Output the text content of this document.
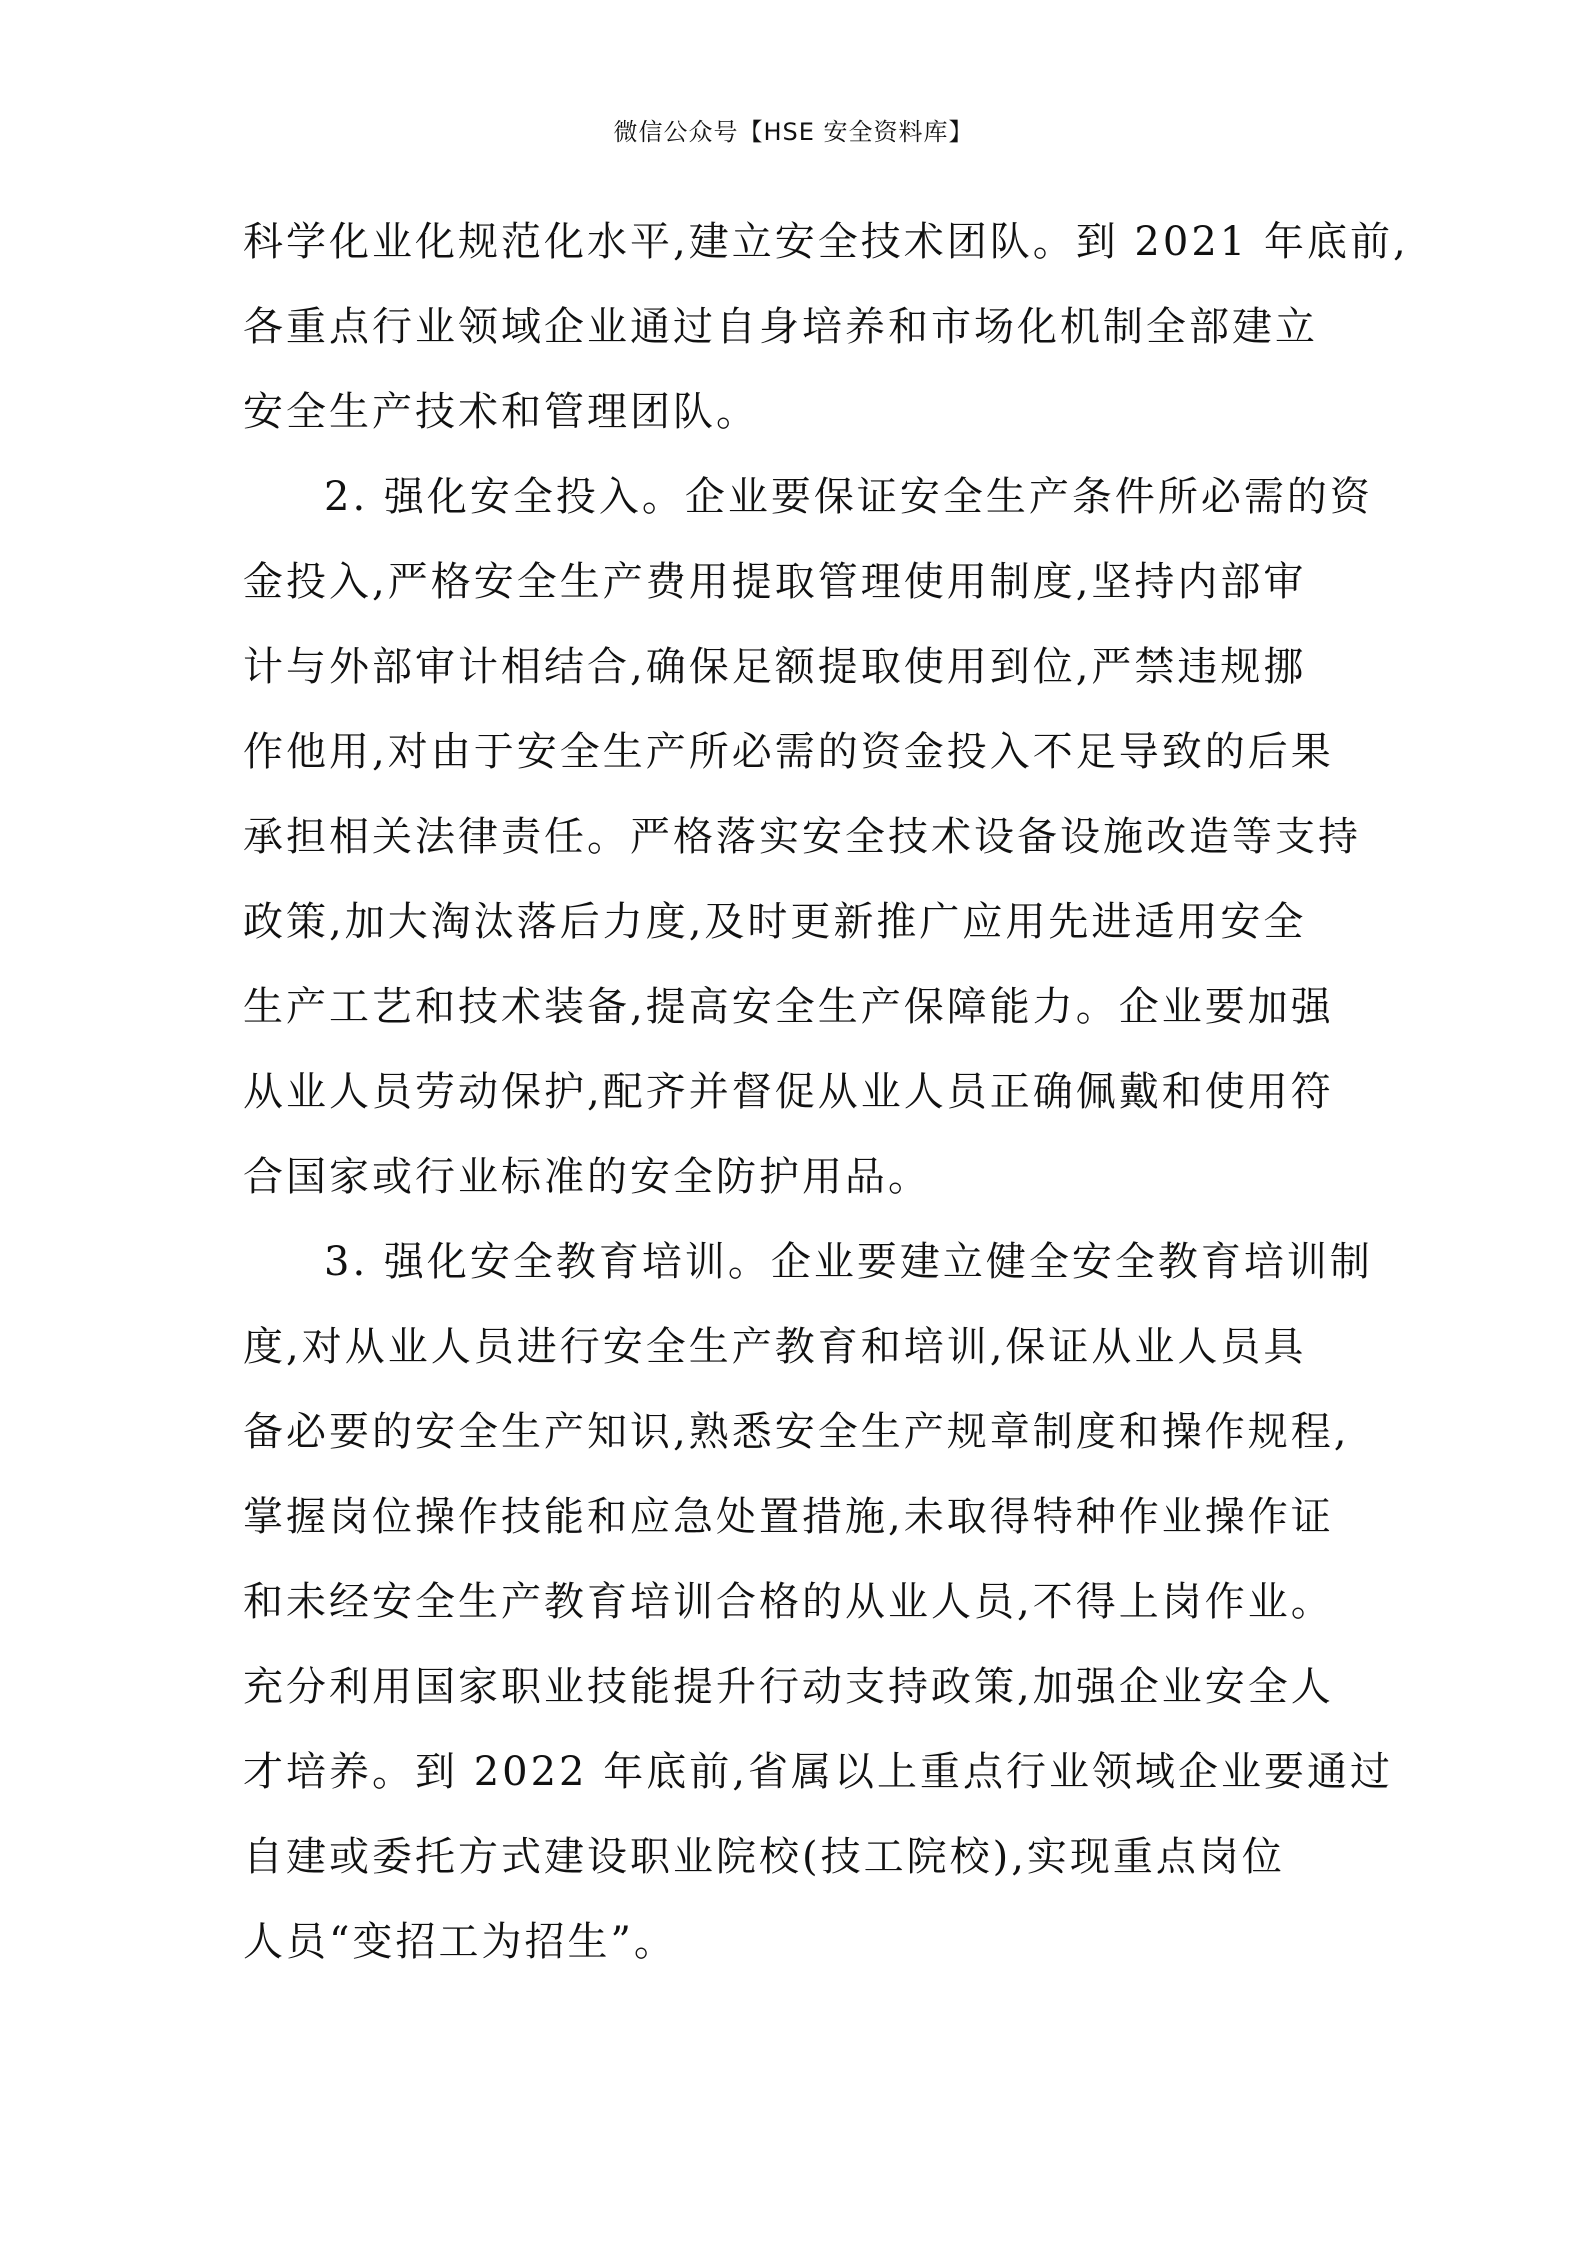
微信公众号【HSE 安全资料库】
科学化业化规范化水平,建立安全技术团队。到 2021 年底前,
各重点行业领域企业通过自身培养和市场化机制全部建立
安全生产技术和管理团队。
2. 强化安全投入。企业要保证安全生产条件所必需的资
金投入,严格安全生产费用提取管理使用制度,坚持内部审
计与外部审计相结合,确保足额提取使用到位,严禁违规挪
作他用,对由于安全生产所必需的资金投入不足导致的后果
承担相关法律责任。严格落实安全技术设备设施改造等支持
政策,加大淘汰落后力度,及时更新推广应用先进适用安全
生产工艺和技术装备,提高安全生产保障能力。企业要加强
从业人员劳动保护,配齐并督促从业人员正确佩戴和使用符
合国家或行业标准的安全防护用品。
3. 强化安全教育培训。企业要建立健全安全教育培训制
度,对从业人员进行安全生产教育和培训,保证从业人员具
备必要的安全生产知识,熟悉安全生产规章制度和操作规程,
掌握岗位操作技能和应急处置措施,未取得特种作业操作证
和未经安全生产教育培训合格的从业人员,不得上岗作业。
充分利用国家职业技能提升行动支持政策,加强企业安全人
才培养。到 2022 年底前,省属以上重点行业领域企业要通过
自建或委托方式建设职业院校(技工院校),实现重点岗位
人员“变招工为招生”。
